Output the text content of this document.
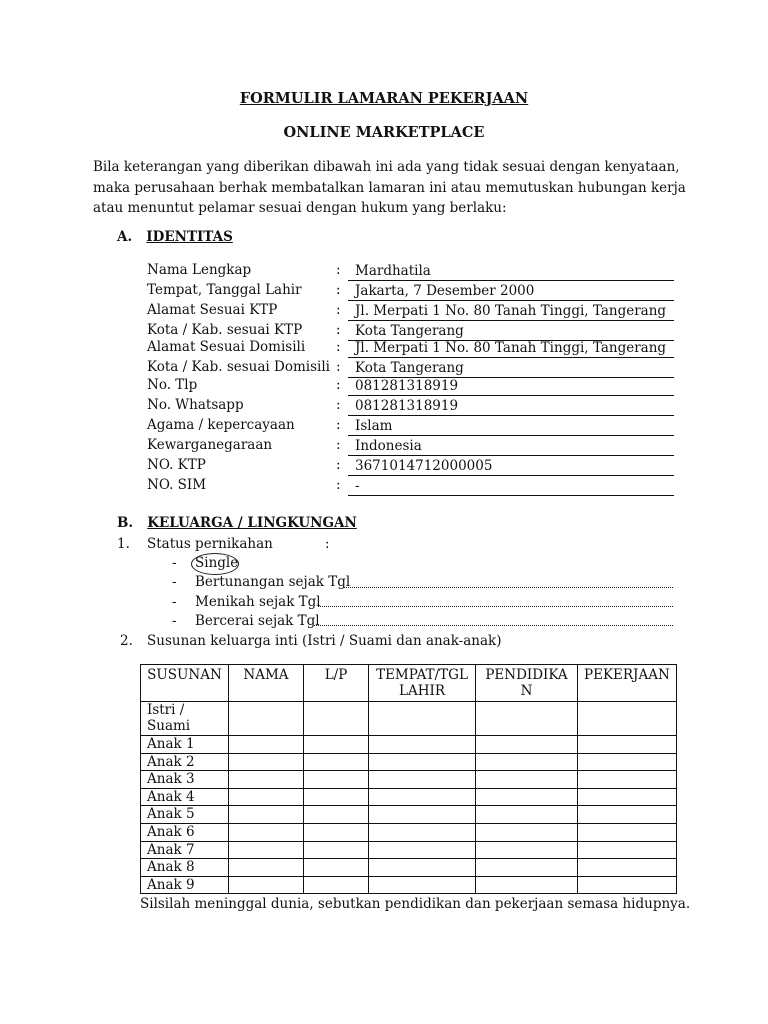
FORMULIR LAMARAN PEKERJAAN
ONLINE MARKETPLACE
Bila keterangan yang diberikan dibawah ini ada yang tidak sesuai dengan kenyataan,
maka perusahaan berhak membatalkan lamaran ini atau memutuskan hubungan kerja
atau menuntut pelamar sesuai dengan hukum yang berlaku:
A. IDENTITAS
Nama Lengkap	:	Mardhatila
Tempat, Tanggal Lahir	:	Jakarta, 7 Desember 2000
Alamat Sesuai KTP	:	Jl. Merpati 1 No. 80 Tanah Tinggi, Tangerang
Kota / Kab. sesuai KTP	:	Kota Tangerang
Alamat Sesuai Domisili :	Jl. Merpati 1 No. 80 Tanah Tinggi, Tangerang
Kota / Kab. sesuai Domisili :	Kota Tangerang
No. Tlp	:	081281318919
No. Whatsapp	:	081281318919
Agama / kepercayaan	:	Islam
Kewarganegaraan	:	Indonesia
NO. KTP	:	3671014712000005
NO. SIM	:	-
B. KELUARGA / LINGKUNGAN
1. Status pernikahan	:
- Single
- Bertunangan sejak Tgl
- Menikah sejak Tgl
- Bercerai sejak Tgl
2. Susunan keluarga inti (Istri / Suami dan anak-anak)
SUSUNAN	NAMA	L/P	TEMPAT/TGL LAHIR	PENDIDIKAN	PEKERJAAN
Istri / Suami					
Anak 1					
Anak 2					
Anak 3					
Anak 4					
Anak 5					
Anak 6					
Anak 7					
Anak 8					
Anak 9					
Silsilah meninggal dunia, sebutkan pendidikan dan pekerjaan semasa hidupnya.
